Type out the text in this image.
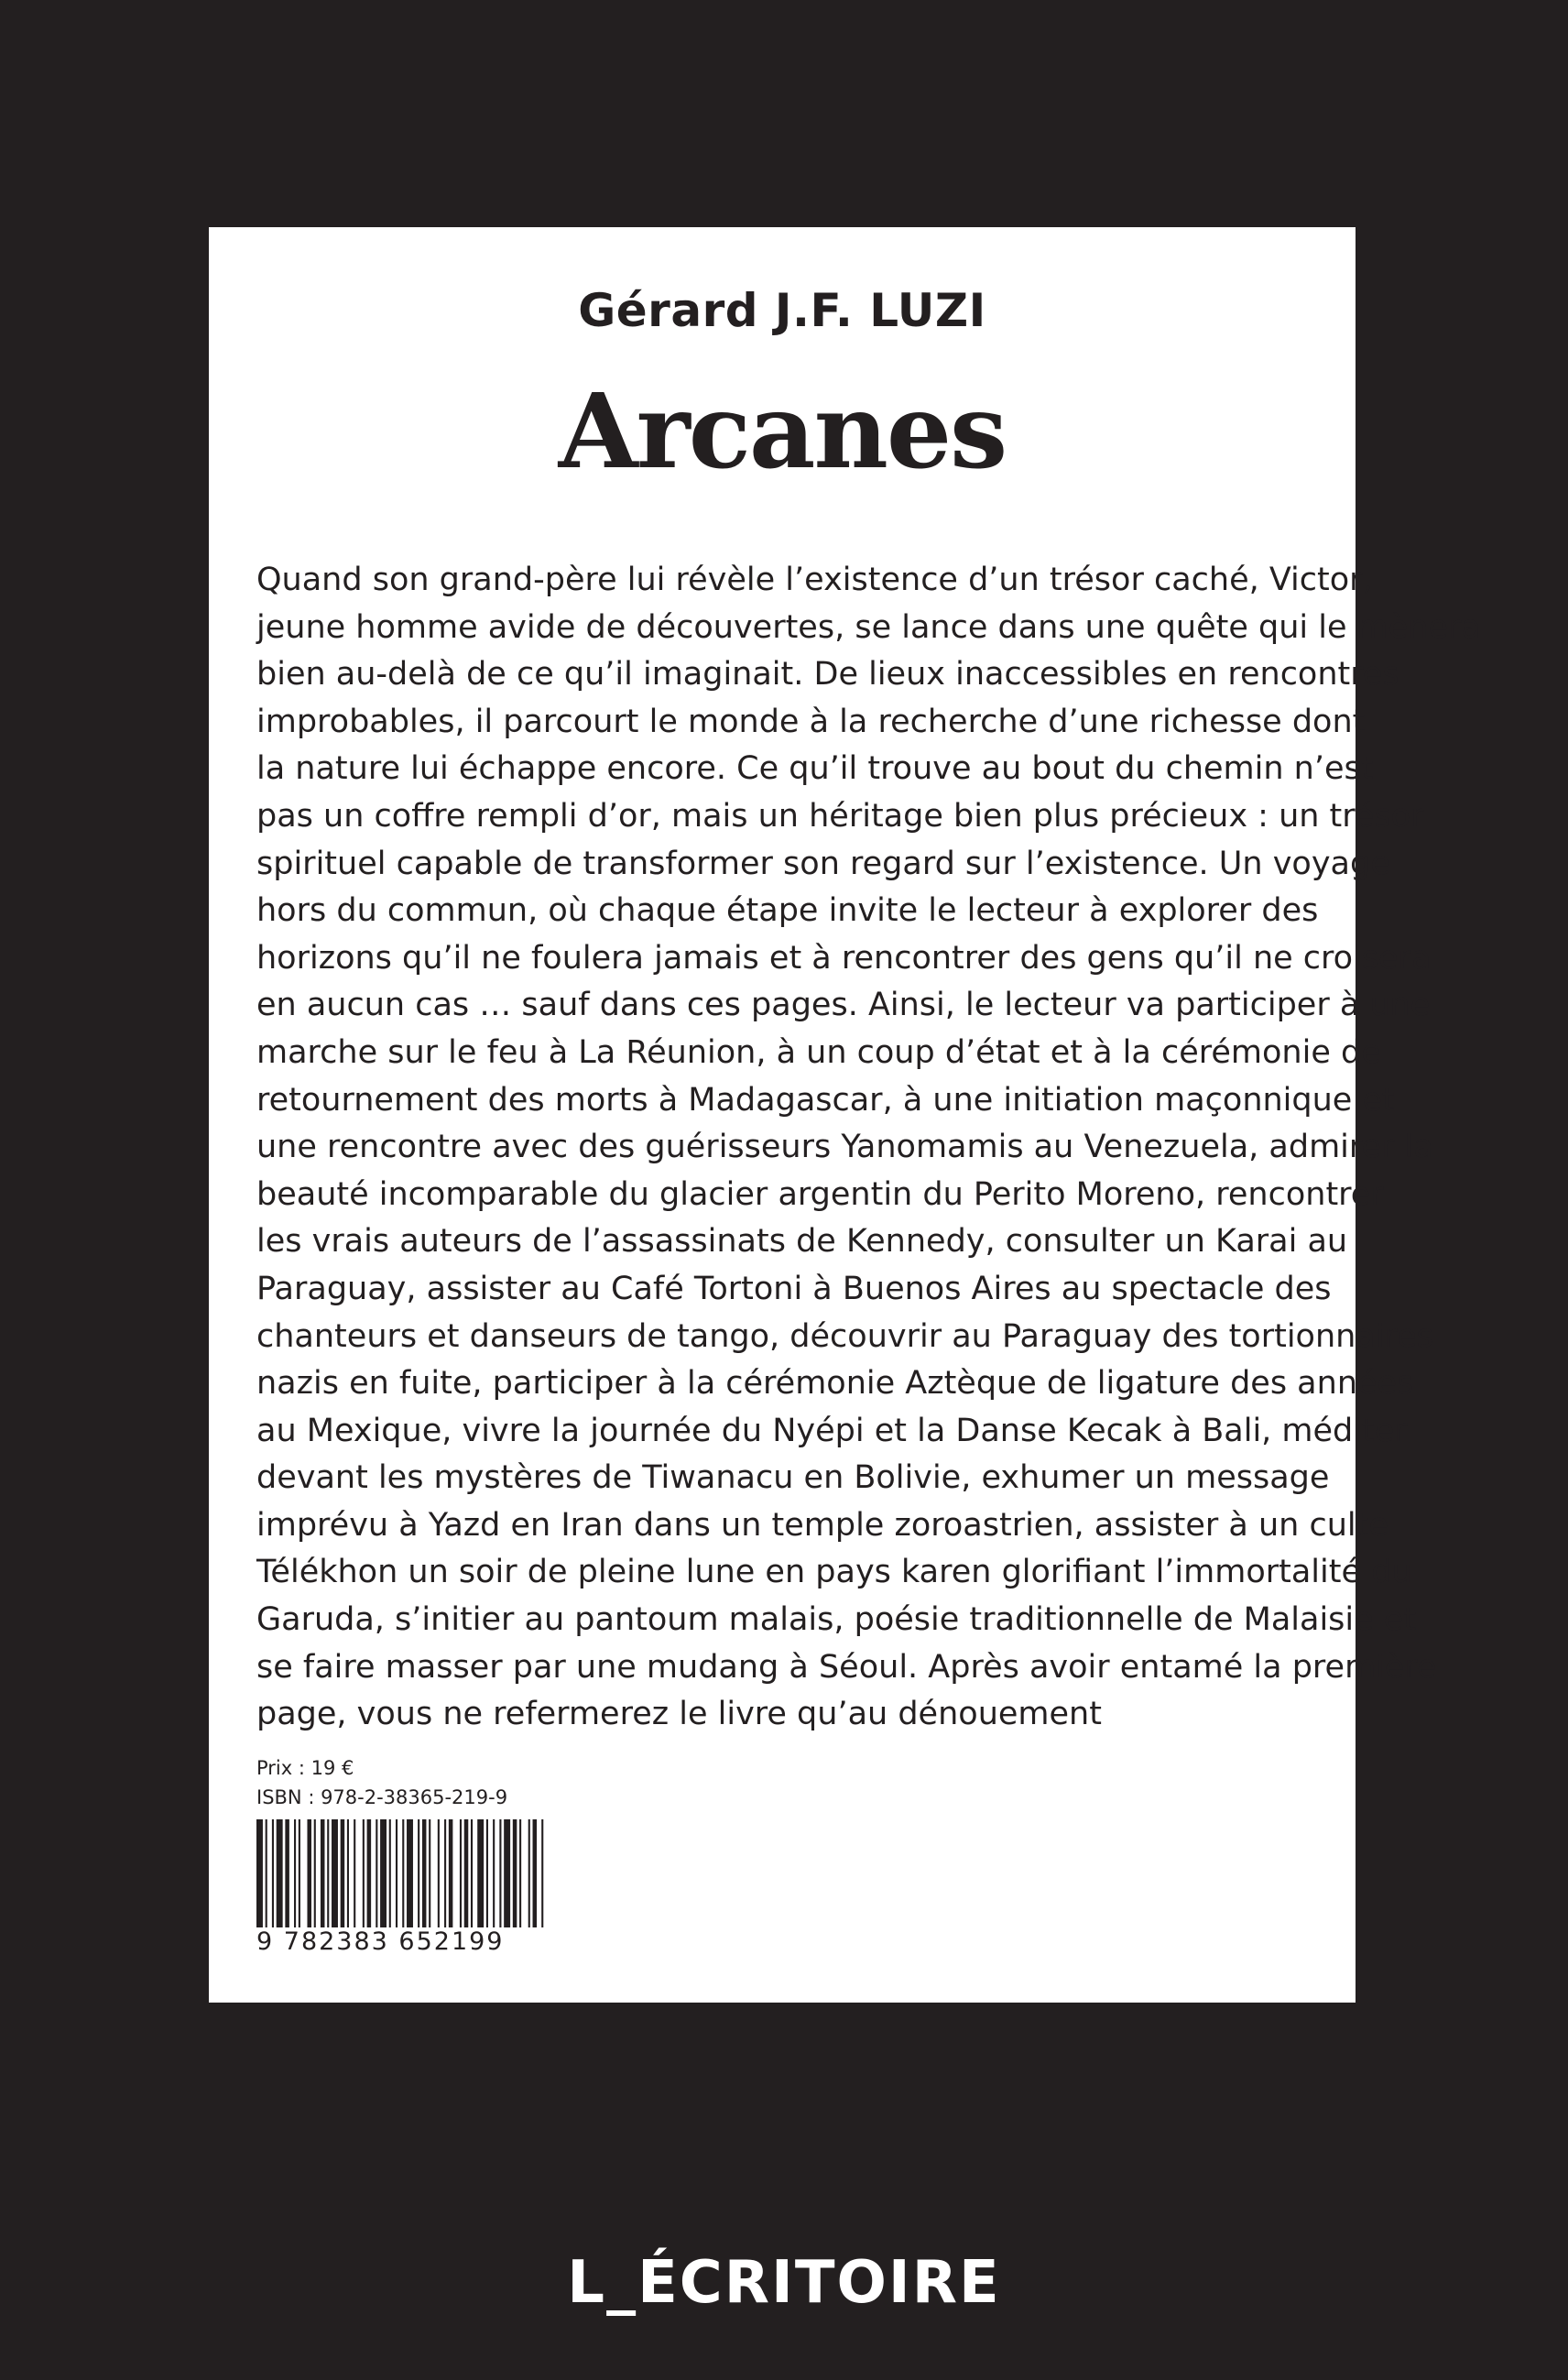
Gérard J.F. LUZI
Arcanes
Quand son grand-père lui révèle l’existence d’un trésor caché, Victor,
jeune homme avide de découvertes, se lance dans une quête qui le mènera
bien au-delà de ce qu’il imaginait. De lieux inaccessibles en rencontres
improbables, il parcourt le monde à la recherche d’une richesse dont
la nature lui échappe encore. Ce qu’il trouve au bout du chemin n’est
pas un coffre rempli d’or, mais un héritage bien plus précieux : un trésor
spirituel capable de transformer son regard sur l’existence. Un voyage
hors du commun, où chaque étape invite le lecteur à explorer des
horizons qu’il ne foulera jamais et à rencontrer des gens qu’il ne croisera
en aucun cas … sauf dans ces pages. Ainsi, le lecteur va participer à une
marche sur le feu à La Réunion, à un coup d’état et à la cérémonie de
retournement des morts à Madagascar, à une initiation maçonnique et
une rencontre avec des guérisseurs Yanomamis au Venezuela, admirer la
beauté incomparable du glacier argentin du Perito Moreno, rencontrer
les vrais auteurs de l’assassinats de Kennedy, consulter un Karai au
Paraguay, assister au Café Tortoni à Buenos Aires au spectacle des
chanteurs et danseurs de tango, découvrir au Paraguay des tortionnaires
nazis en fuite, participer à la cérémonie Aztèque de ligature des années
au Mexique, vivre la journée du Nyépi et la Danse Kecak à Bali, méditer
devant les mystères de Tiwanacu en Bolivie, exhumer un message
imprévu à Yazd en Iran dans un temple zoroastrien, assister à un culte
Télékhon un soir de pleine lune en pays karen glorifiant l’immortalité du
Garuda, s’initier au pantoum malais, poésie traditionnelle de Malaisie et
se faire masser par une mudang à Séoul. Après avoir entamé la première
page, vous ne refermerez le livre qu’au dénouement
Prix : 19 €
ISBN : 978-2-38365-219-9
9 782383 652199
L_ÉCRITOIRE
